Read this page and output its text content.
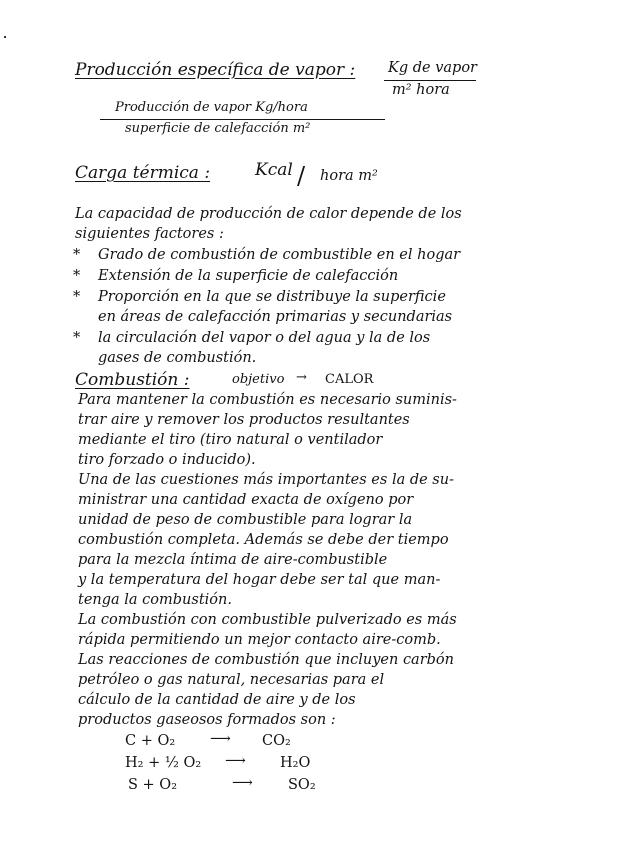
Producción específica de vapor : Kg de vapor
m² hora
Producción de vapor Kg/hora
superficie de calefacción m²
Carga térmica :	Kcal / hora m²
La capacidad de producción de calor depende de los
siguientes factores :
* Grado de combustión de combustible en el hogar
* Extensión de la superficie de calefacción
* Proporción en la que se distribuye la superficie
en áreas de calefacción primarias y secundarias
* la circulación del vapor o del agua y la de los
gases de combustión.
Combustión :	objetivo → CALOR
Para mantener la combustión es necesario suminis-
trar aire y remover los productos resultantes
mediante el tiro (tiro natural o ventilador
tiro forzado o inducido).
Una de las cuestiones más importantes es la de su-
ministrar una cantidad exacta de oxígeno por
unidad de peso de combustible para lograr la
combustión completa. Además se debe der tiempo
para la mezcla íntima de aire-combustible
y la temperatura del hogar debe ser tal que man-
tenga la combustión.
La combustión con combustible pulverizado es más
rápida permitiendo un mejor contacto aire-comb.
Las reacciones de combustión que incluyen carbón
petróleo o gas natural, necesarias para el
cálculo de la cantidad de aire y de los
productos gaseosos formados son :
C + O₂ ⟶ CO₂
H₂ + ½ O₂ ⟶ H₂O
S + O₂	⟶ SO₂
